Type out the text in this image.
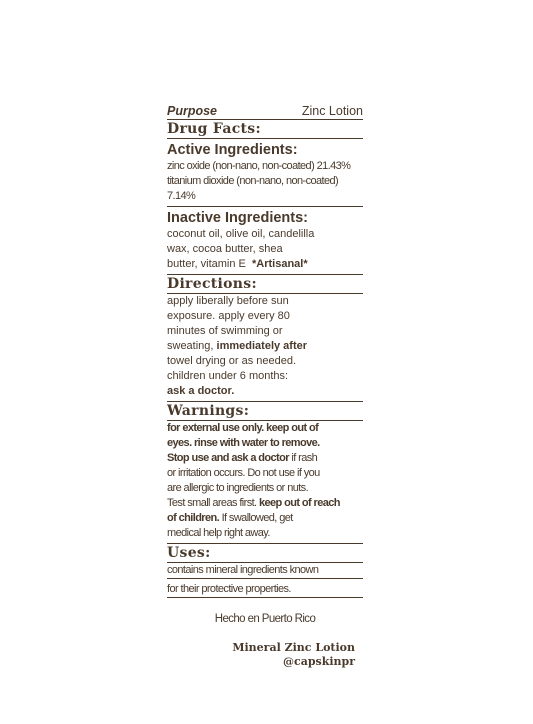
Purpose	Zinc Lotion
Drug Facts:
Active Ingredients:
zinc oxide (non-nano, non-coated) 21.43%
titanium dioxide (non-nano, non-coated) 7.14%
Inactive Ingredients:
coconut oil, olive oil, candelilla
wax, cocoa butter, shea
butter, vitamin E *Artisanal*
Directions:
apply liberally before sun
exposure. apply every 80
minutes of swimming or
sweating, immediately after
towel drying or as needed.
children under 6 months:
ask a doctor.
Warnings:
for external use only. keep out of
eyes. rinse with water to remove.
Stop use and ask a doctor if rash
or irritation occurs. Do not use if you
are allergic to ingredients or nuts.
Test small areas first. keep out of reach
of children. If swallowed, get
medical help right away.
Uses:
contains mineral ingredients known
for their protective properties.
Hecho en Puerto Rico
Mineral Zinc Lotion
@capskinpr
